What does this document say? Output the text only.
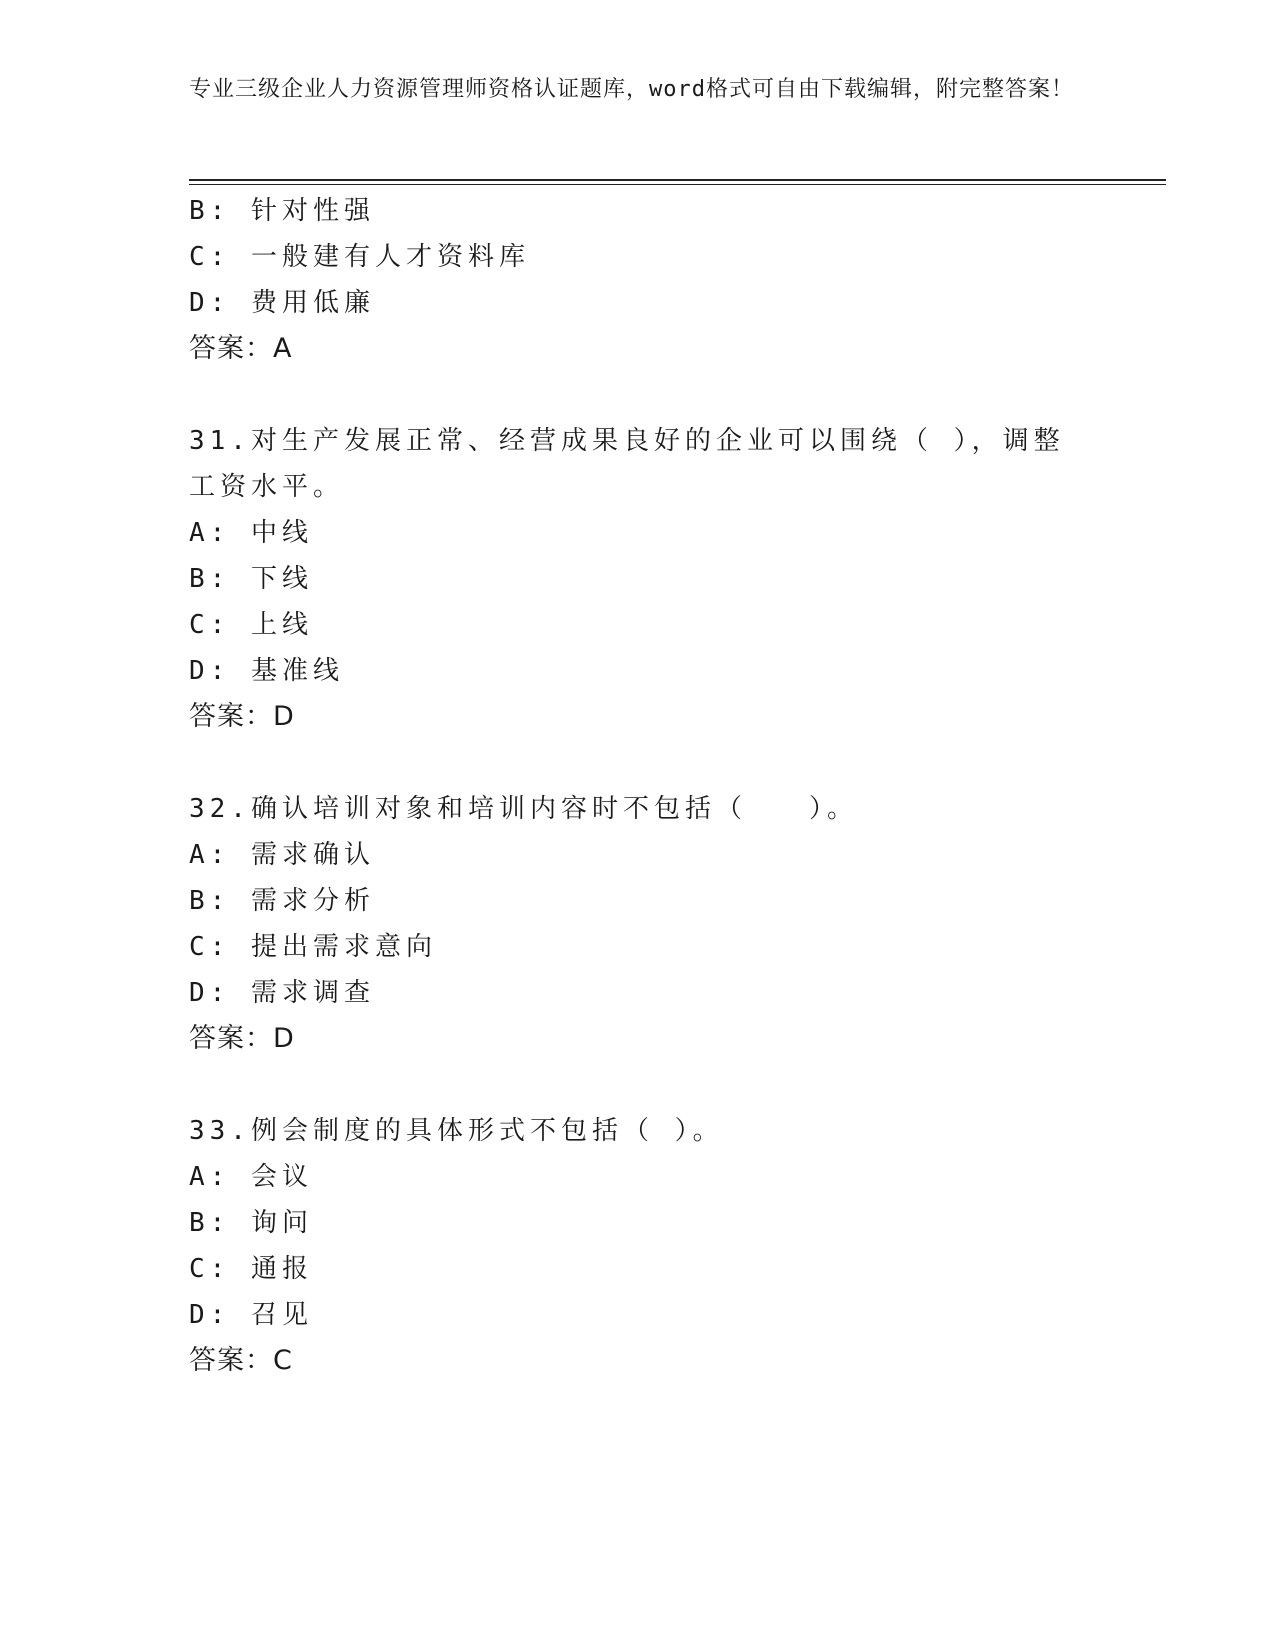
专业三级企业人力资源管理师资格认证题库，word格式可自由下载编辑，附完整答案！
B: 针对性强
C: 一般建有人才资料库
D: 费用低廉
答案：A
31.对生产发展正常、经营成果良好的企业可以围绕（ ），调整工资水平。
A: 中线
B: 下线
C: 上线
D: 基准线
答案：D
32.确认培训对象和培训内容时不包括（　　）。
A: 需求确认
B: 需求分析
C: 提出需求意向
D: 需求调查
答案：D
33.例会制度的具体形式不包括（ ）。
A: 会议
B: 询问
C: 通报
D: 召见
答案：C
